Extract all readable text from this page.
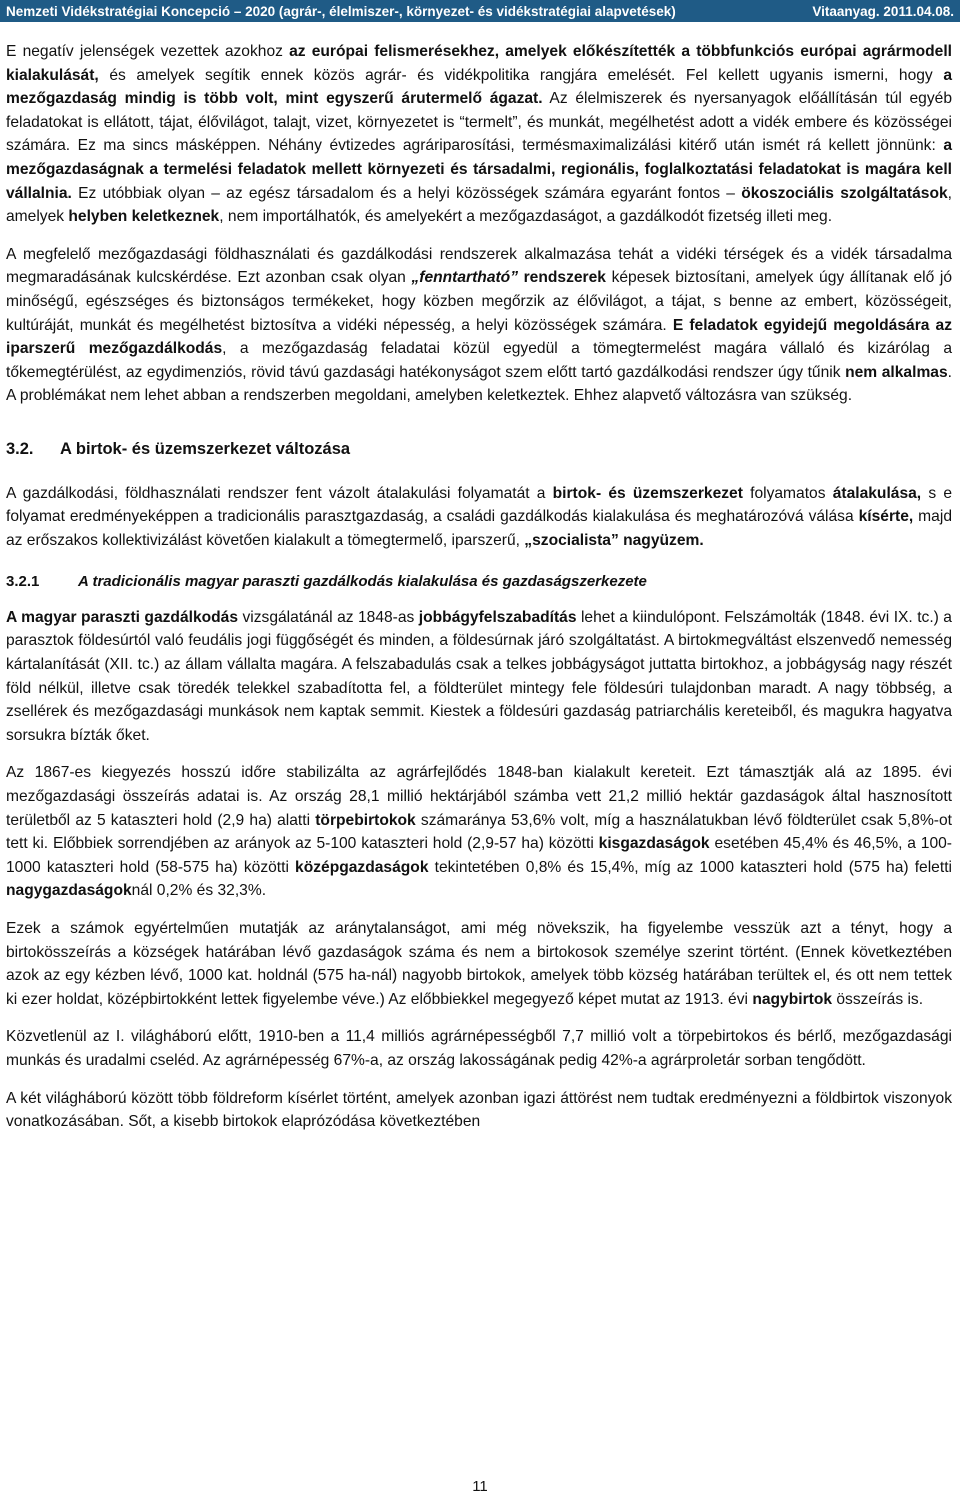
Nemzeti Vidékstratégiai Koncepció – 2020 (agrár-, élelmiszer-, környezet- és vidékstratégiai alapvetések)	Vitaanyag. 2011.04.08.

E negatív jelenségek vezettek azokhoz az európai felismerésekhez, amelyek előkészítették a többfunkciós európai agrármodell kialakulását, és amelyek segítik ennek közös agrár- és vidékpolitika rangjára emelését. Fel kellett ugyanis ismerni, hogy a mezőgazdaság mindig is több volt, mint egyszerű árutermelő ágazat. Az élelmiszerek és nyersanyagok előállításán túl egyéb feladatokat is ellátott, tájat, élővilágot, talajt, vizet, környezetet is “termelt”, és munkát, megélhetést adott a vidék embere és közösségei számára. Ez ma sincs másképpen. Néhány évtizedes agráriparosítási, termésmaximalizálási kitérő után ismét rá kellett jönnünk: a mezőgazdaságnak a termelési feladatok mellett környezeti és társadalmi, regionális, foglalkoztatási feladatokat is magára kell vállalnia. Ez utóbbiak olyan – az egész társadalom és a helyi közösségek számára egyaránt fontos – ökoszociális szolgáltatások, amelyek helyben keletkeznek, nem importálhatók, és amelyekért a mezőgazdaságot, a gazdálkodót fizetség illeti meg.

A megfelelő mezőgazdasági földhasználati és gazdálkodási rendszerek alkalmazása tehát a vidéki térségek és a vidék társadalma megmaradásának kulcskérdése. Ezt azonban csak olyan „fenntartható” rendszerek képesek biztosítani, amelyek úgy állítanak elő jó minőségű, egészséges és biztonságos termékeket, hogy közben megőrzik az élővilágot, a tájat, s benne az embert, közösségeit, kultúráját, munkát és megélhetést biztosítva a vidéki népesség, a helyi közösségek számára. E feladatok egyidejű megoldására az iparszerű mezőgazdálkodás, a mezőgazdaság feladatai közül egyedül a tömegtermelést magára vállaló és kizárólag a tőkemegtérülést, az egydimenziós, rövid távú gazdasági hatékonyságot szem előtt tartó gazdálkodási rendszer úgy tűnik nem alkalmas. A problémákat nem lehet abban a rendszerben megoldani, amelyben keletkeztek. Ehhez alapvető változásra van szükség.

3.2. A birtok- és üzemszerkezet változása

A gazdálkodási, földhasználati rendszer fent vázolt átalakulási folyamatát a birtok- és üzemszerkezet folyamatos átalakulása, s e folyamat eredményeképpen a tradicionális parasztgazdaság, a családi gazdálkodás kialakulása és meghatározóvá válása kísérte, majd az erőszakos kollektivizálást követően kialakult a tömegtermelő, iparszerű, „szocialista” nagyüzem.

3.2.1	A tradicionális magyar paraszti gazdálkodás kialakulása és gazdaságszerkezete

A magyar paraszti gazdálkodás vizsgálatánál az 1848-as jobbágyfelszabadítás lehet a kiindulópont. Felszámolták (1848. évi IX. tc.) a parasztok földesúrtól való feudális jogi függőségét és minden, a földesúrnak járó szolgáltatást. A birtokmegváltást elszenvedő nemesség kártalanítását (XII. tc.) az állam vállalta magára. A felszabadulás csak a telkes jobbágyságot juttatta birtokhoz, a jobbágyság nagy részét föld nélkül, illetve csak töredék telekkel szabadította fel, a földterület mintegy fele földesúri tulajdonban maradt. A nagy többség, a zsellérek és mezőgazdasági munkások nem kaptak semmit. Kiestek a földesúri gazdaság patriarchális kereteiből, és magukra hagyatva sorsukra bízták őket.

Az 1867-es kiegyezés hosszú időre stabilizálta az agrárfejlődés 1848-ban kialakult kereteit. Ezt támasztják alá az 1895. évi mezőgazdasági összeírás adatai is. Az ország 28,1 millió hektárjából számba vett 21,2 millió hektár gazdaságok által hasznosított területből az 5 kataszteri hold (2,9 ha) alatti törpebirtokok számaránya 53,6% volt, míg a használatukban lévő földterület csak 5,8%-ot tett ki. Előbbiek sorrendjében az arányok az 5-100 kataszteri hold (2,9-57 ha) közötti kisgazdaságok esetében 45,4% és 46,5%, a 100-1000 kataszteri hold (58-575 ha) közötti középgazdaságok tekintetében 0,8% és 15,4%, míg az 1000 kataszteri hold (575 ha) feletti nagygazdaságoknál 0,2% és 32,3%.

Ezek a számok egyértelműen mutatják az aránytalanságot, ami még növekszik, ha figyelembe vesszük azt a tényt, hogy a birtokösszeírás a községek határában lévő gazdaságok száma és nem a birtokosok személye szerint történt. (Ennek következtében azok az egy kézben lévő, 1000 kat. holdnál (575 ha-nál) nagyobb birtokok, amelyek több község határában terültek el, és ott nem tettek ki ezer holdat, középbirtokként lettek figyelembe véve.) Az előbbiekkel megegyező képet mutat az 1913. évi nagybirtok összeírás is.

Közvetlenül az I. világháború előtt, 1910-ben a 11,4 milliós agrárnépességből 7,7 millió volt a törpebirtokos és bérlő, mezőgazdasági munkás és uradalmi cseléd. Az agrárnépesség 67%-a, az ország lakosságának pedig 42%-a agrárproletár sorban tengődött.

A két világháború között több földreform kísérlet történt, amelyek azonban igazi áttörést nem tudtak eredményezni a földbirtok viszonyok vonatkozásában. Sőt, a kisebb birtokok elaprózódása következtében

11
